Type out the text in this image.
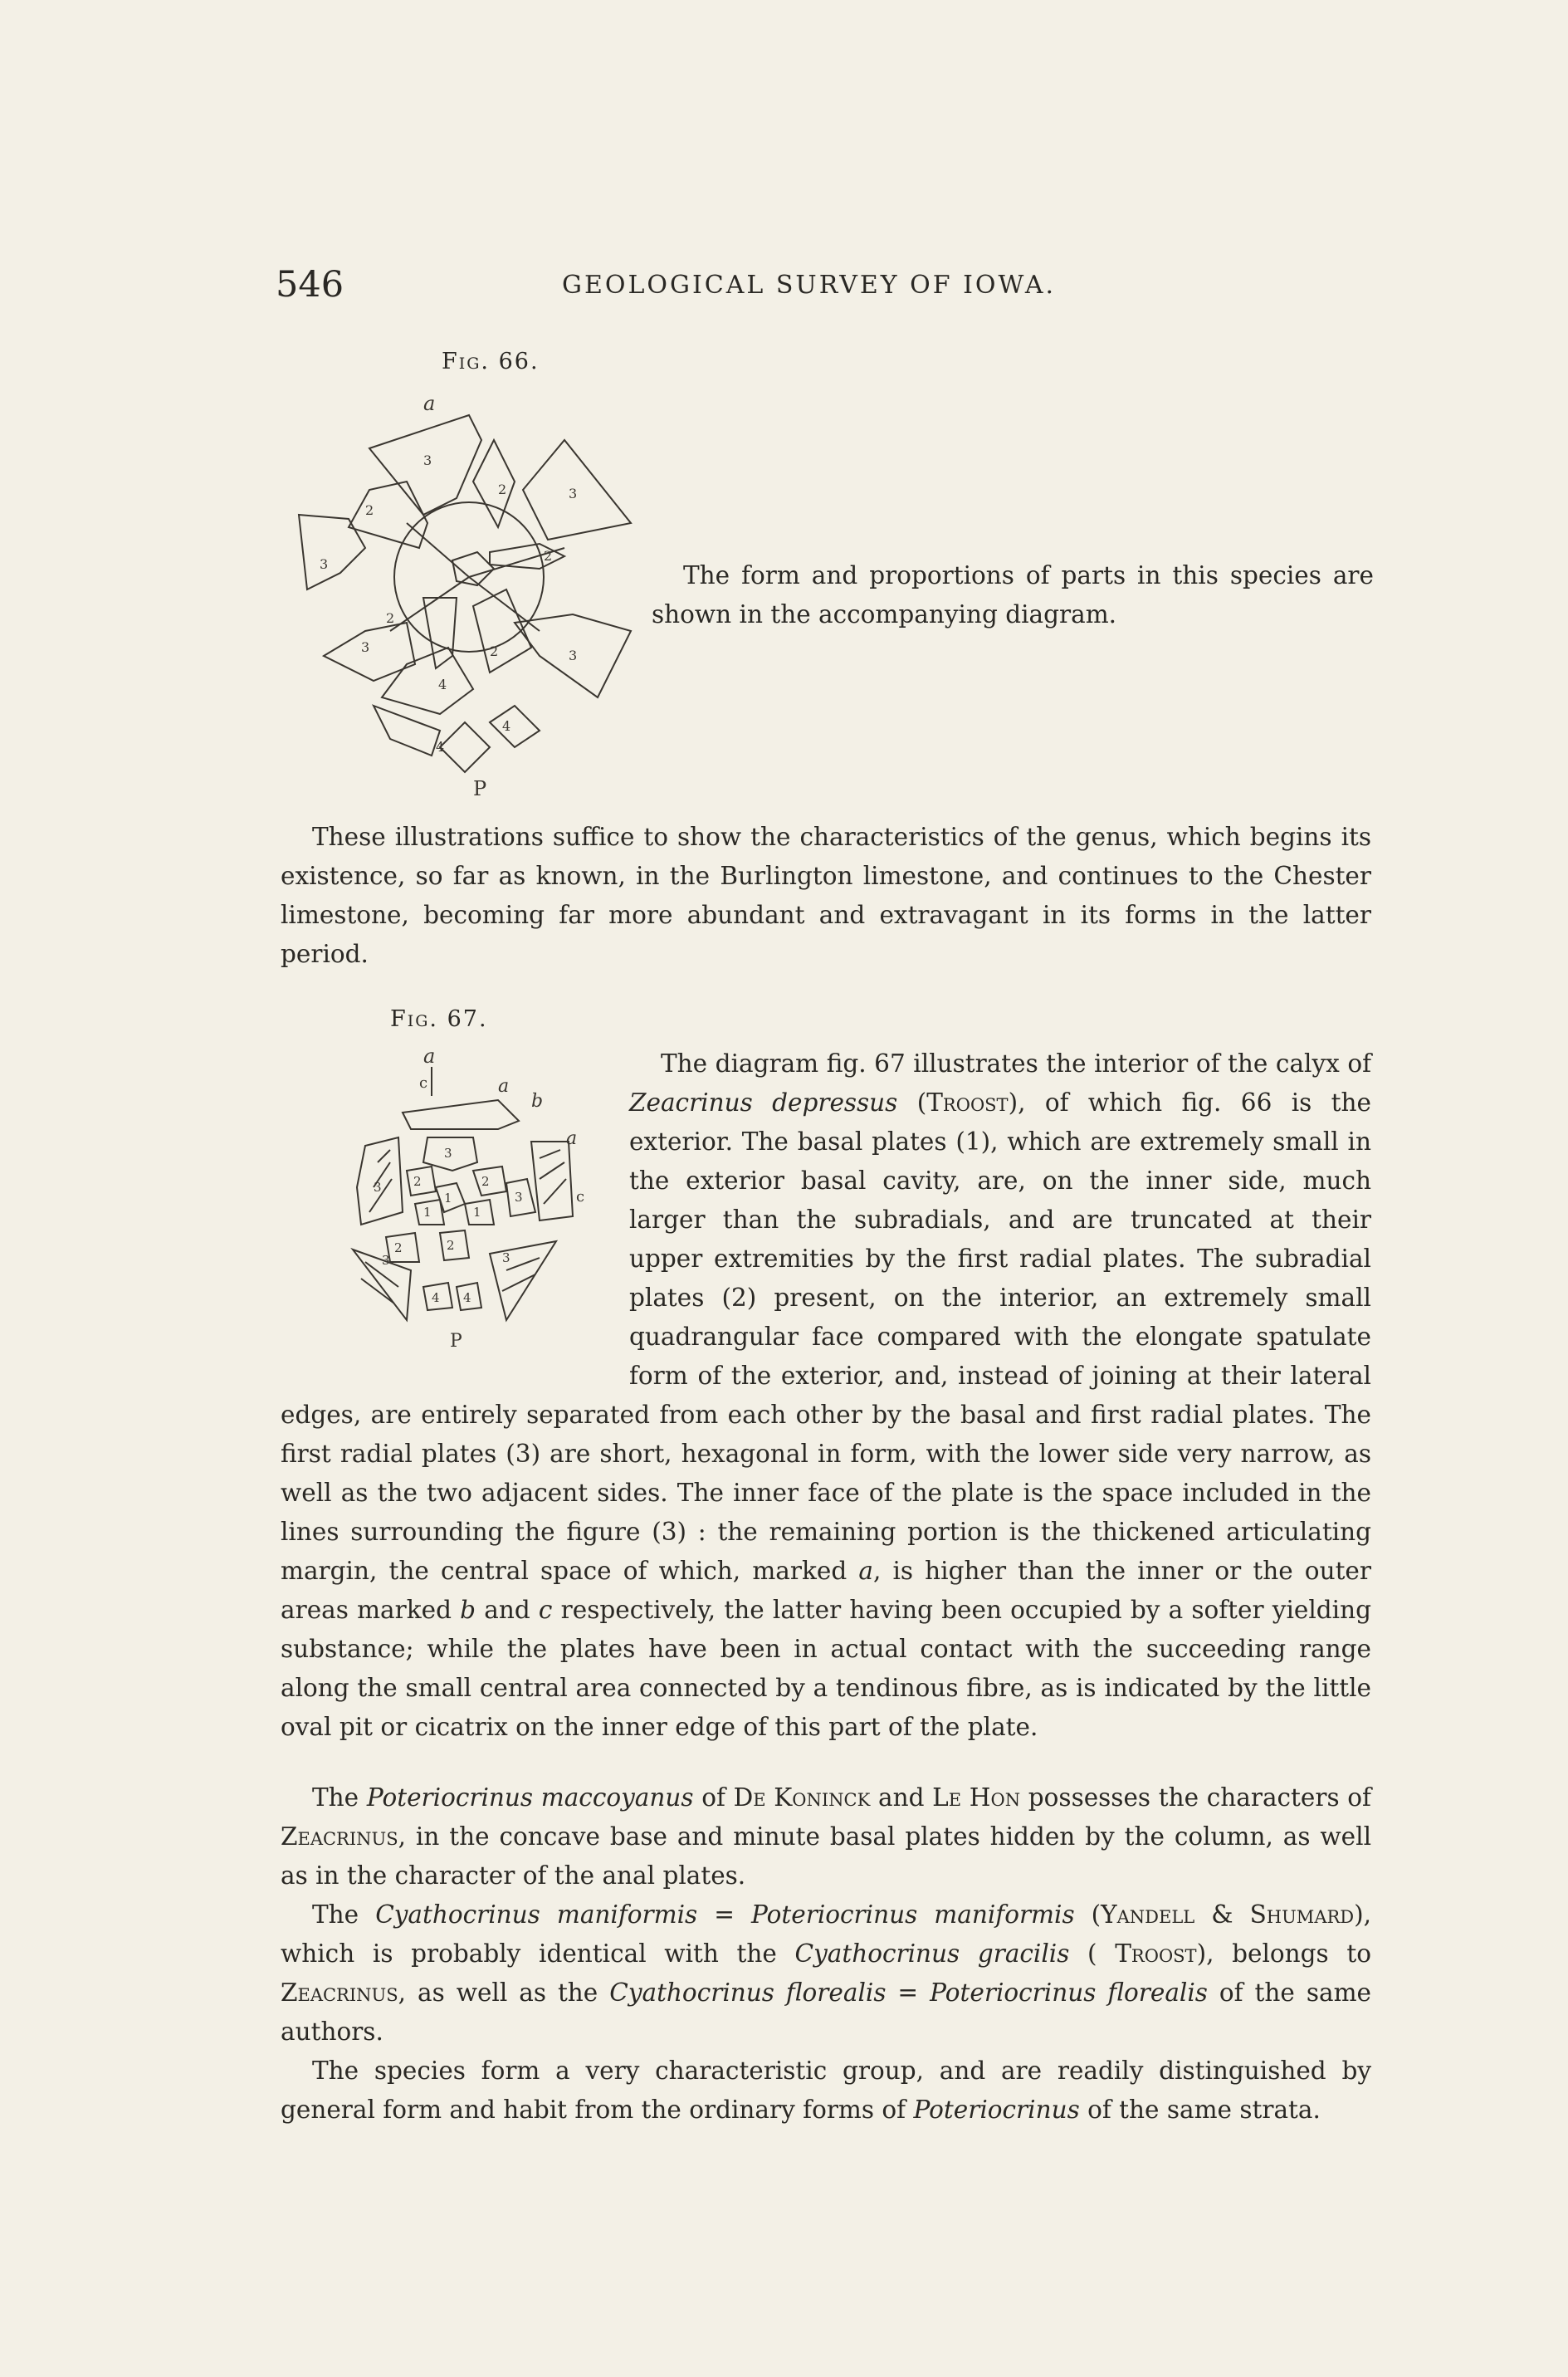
546	GEOLOGICAL SURVEY OF IOWA.
Fig. 66.
a
3
2
3
3
2	3
2
3
2
2
4
4
4
P
The form and proportions of parts in this species are shown in the accompanying diagram.

These illustrations suffice to show the characteristics of the genus, which begins its existence, so far as known, in the Burlington limestone, and continues to the Chester limestone, becoming far more abundant and extravagant in its forms in the latter period.

Fig. 67.
a
c	a
b
a
c
P
3
3	2	2
1
1	1
3
2	2
3	3
4 4

The diagram fig. 67 illustrates the interior of the calyx of Zeacrinus depressus (Troost), of which fig. 66 is the exterior. The basal plates (1), which are extremely small in the exterior basal cavity, are, on the inner side, much larger than the subradials, and are truncated at their upper extremities by the first radial plates. The subradial plates (2) present, on the interior, an extremely small quadrangular face compared with the elongate spatulate form of the exterior, and, instead of joining at their lateral edges, are entirely separated from each other by the basal and first radial plates. The first radial plates (3) are short, hexagonal in form, with the lower side very narrow, as well as the two adjacent sides. The inner face of the plate is the space included in the lines surrounding the figure (3) : the remaining portion is the thickened articulating margin, the central space of which, marked a, is higher than the inner or the outer areas marked b and c respectively, the latter having been occupied by a softer yielding substance; while the plates have been in actual contact with the succeeding range along the small central area connected by a tendinous fibre, as is indicated by the little oval pit or cicatrix on the inner edge of this part of the plate.

The Poteriocrinus maccoyanus of De Koninck and Le Hon possesses the characters of Zeacrinus, in the concave base and minute basal plates hidden by the column, as well as in the character of the anal plates.

The Cyathocrinus maniformis = Poteriocrinus maniformis (Yandell & Shumard), which is probably identical with the Cyathocrinus gracilis ( Troost), belongs to Zeacrinus, as well as the Cyathocrinus florealis = Poteriocrinus florealis of the same authors.

The species form a very characteristic group, and are readily distinguished by general form and habit from the ordinary forms of Poteriocrinus of the same strata.
